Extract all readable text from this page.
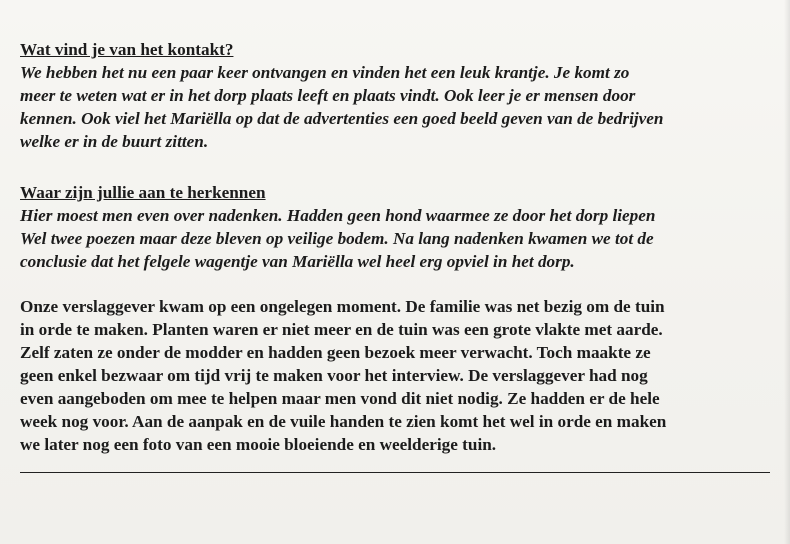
Wat vind je van het kontakt?
We hebben het nu een paar keer ontvangen en vinden het een leuk krantje. Je komt zo
meer te weten wat er in het dorp plaats leeft en plaats vindt. Ook leer je er mensen door
kennen. Ook viel het Mariëlla op dat de advertenties een goed beeld geven van de bedrijven
welke er in de buurt zitten.
Waar zijn jullie aan te herkennen
Hier moest men even over nadenken. Hadden geen hond waarmee ze door het dorp liepen
Wel twee poezen maar deze bleven op veilige bodem. Na lang nadenken kwamen we tot de
conclusie dat het felgele wagentje van Mariëlla wel heel erg opviel in het dorp.
Onze verslaggever kwam op een ongelegen moment. De familie was net bezig om de tuin
in orde te maken. Planten waren er niet meer en de tuin was een grote vlakte met aarde.
Zelf zaten ze onder de modder en hadden geen bezoek meer verwacht. Toch maakte ze
geen enkel bezwaar om tijd vrij te maken voor het interview. De verslaggever had nog
even aangeboden om mee te helpen maar men vond dit niet nodig. Ze hadden er de hele
week nog voor. Aan de aanpak en de vuile handen te zien komt het wel in orde en maken
we later nog een foto van een mooie bloeiende en weelderige tuin.
